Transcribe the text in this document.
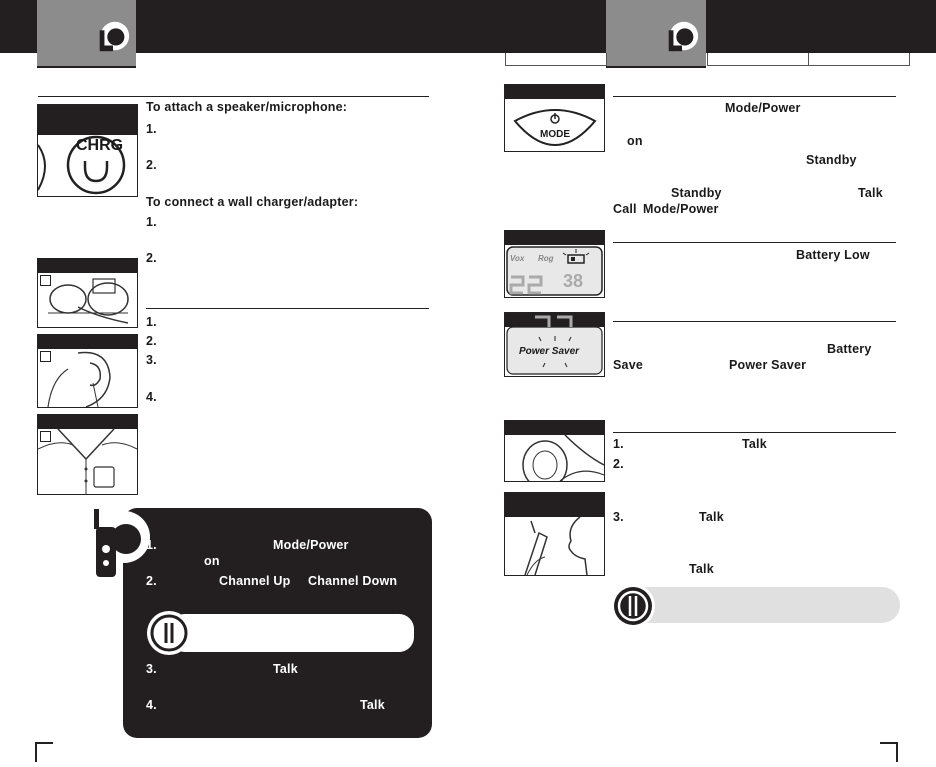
CHRG
To attach a speaker/microphone:
1.
2.
To connect a wall charger/adapter:
1.
2.
1.
2.
3.
4.
1.	Mode/Power
on
2.	Channel Up Channel Down
3.	Talk
4.	Talk
MODE
Mode/Power
on
Standby
Standby	Talk
Call Mode/Power
Vox Rog
38
Battery Low
Power Saver	Battery
Save	Power Saver
1.	Talk
2.
3.	Talk
Talk
